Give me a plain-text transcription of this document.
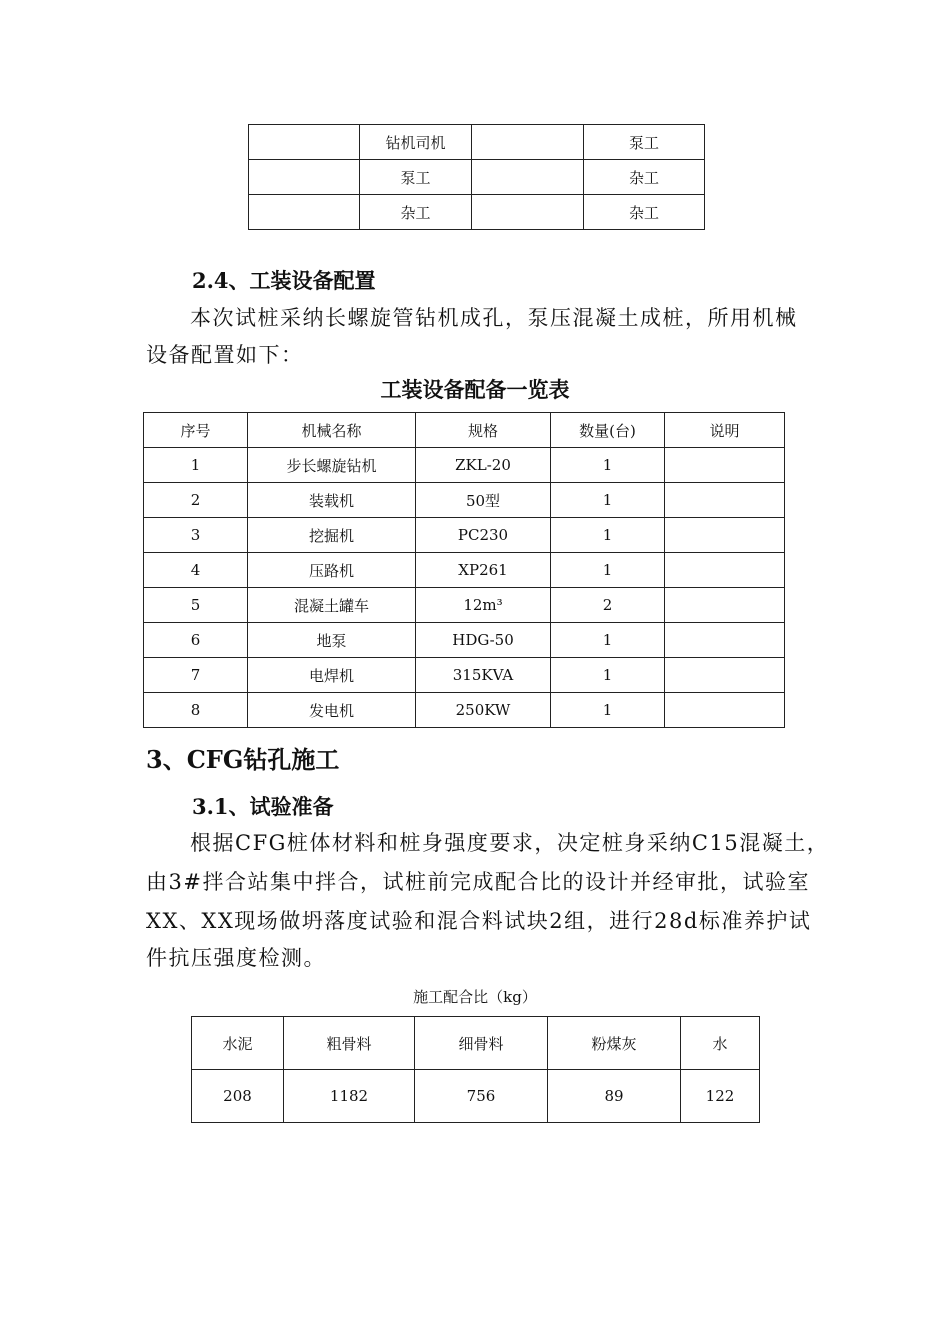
	钻机司机		泵工
	泵工		杂工
	杂工		杂工
2.4、工装设备配置
本次试桩采纳长螺旋管钻机成孔，泵压混凝土成桩，所用机械
设备配置如下：
工装设备配备一览表
序号	机械名称	规格	数量(台)	说明
1	步长螺旋钻机	ZKL-20	1	
2	装载机	50型	1	
3	挖掘机	PC230	1	
4	压路机	XP261	1	
5	混凝土罐车	12m³	2	
6	地泵	HDG-50	1	
7	电焊机	315KVA	1	
8	发电机	250KW	1	
3、CFG钻孔施工
3.1、试验准备
根据CFG桩体材料和桩身强度要求，决定桩身采纳C15混凝土，
由3#拌合站集中拌合，试桩前完成配合比的设计并经审批，试验室
XX、XX现场做坍落度试验和混合料试块2组，进行28d标准养护试
件抗压强度检测。
施工配合比（kg）
水泥	粗骨料	细骨料	粉煤灰	水
208	1182	756	89	122
